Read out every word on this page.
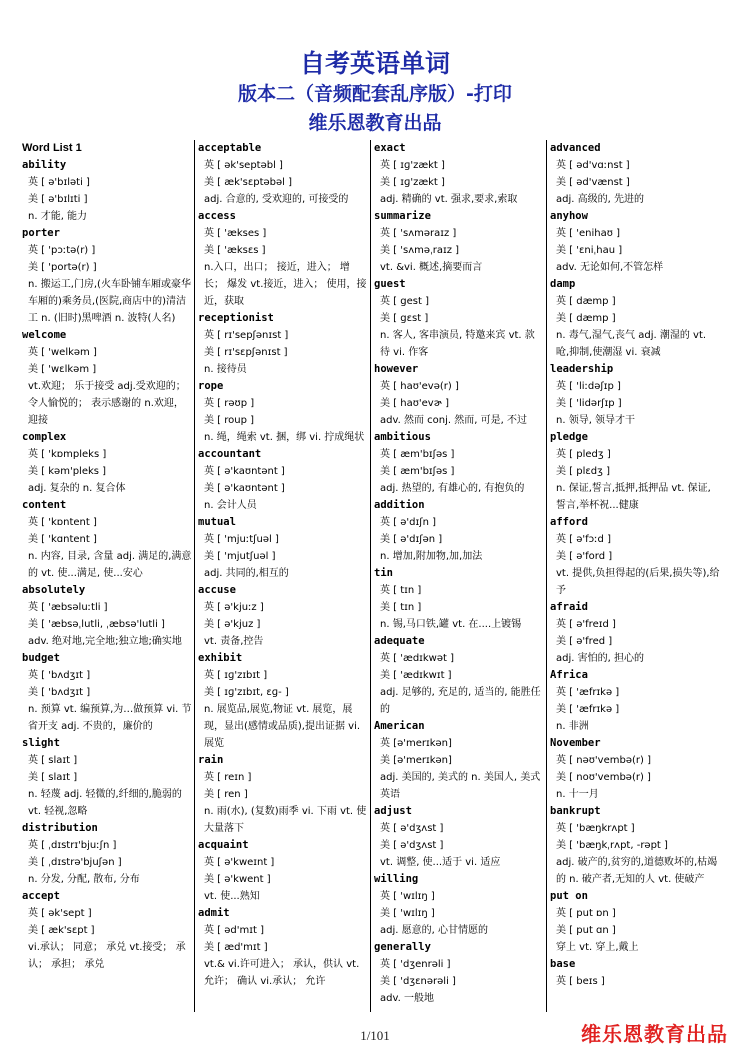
自考英语单词
版本二（音频配套乱序版）-打印
维乐恩教育出品
Word List 1
ability
英 [ ə'bɪləti ]
美 [ ə'bɪlɪti ]
n. 才能, 能力
porter
英 [ 'pɔːtə(r) ]
美 [ 'portə(r) ]
n. 搬运工,门房,(火车卧铺车厢或豪华车厢的)乘务员,(医院,商店中的)清洁工 n. (旧时)黑啤酒 n. 波特(人名)
welcome
英 [ 'welkəm ]
美 [ 'wɛlkəm ]
vt.欢迎； 乐于接受 adj.受欢迎的； 令人愉悦的； 表示感谢的 n.欢迎，迎接
complex
英 [ 'kɒmpleks ]
美 [ kəm'pleks ]
adj. 复杂的 n. 复合体
content
英 [ 'kɒntent ]
美 [ 'kɑntent ]
n. 内容, 目录, 含量 adj. 满足的,满意的 vt. 使...满足, 使...安心
absolutely
英 [ 'æbsəluːtli ]
美 [ 'æbsəˌlutli, ˌæbsə'lutli ]
adv. 绝对地,完全地;独立地;确实地
budget
英 [ 'bʌdʒɪt ]
美 [ 'bʌdʒɪt ]
n. 预算 vt. 编预算,为…做预算 vi. 节省开支 adj. 不贵的，廉价的
slight
英 [ slaɪt ]
美 [ slaɪt ]
n. 轻蔑 adj. 轻微的,纤细的,脆弱的 vt. 轻视,忽略
distribution
英 [ ˌdɪstrɪ'bjuːʃn ]
美 [ ˌdɪstrə'bjuʃən ]
n. 分发, 分配, 散布, 分布
accept
英 [ ək'sept ]
美 [ æk'sɛpt ]
vi.承认； 同意； 承兑 vt.接受； 承认； 承担； 承兑
acceptable
英 [ ək'septəbl ]
美 [ æk'sɛptəbəl ]
adj. 合意的, 受欢迎的, 可接受的
access
英 [ 'ækses ]
美 [ 'æksɛs ]
n.入口，出口； 接近，进入； 增长； 爆发 vt.接近，进入； 使用，接近，获取
receptionist
英 [ rɪ'sepʃənɪst ]
美 [ rɪ'sɛpʃənɪst ]
n. 接待员
rope
英 [ rəʊp ]
美 [ roup ]
n. 绳，绳索 vt. 捆，绑 vi. 拧成绳状
accountant
英 [ ə'kaʊntənt ]
美 [ ə'kaʊntənt ]
n. 会计人员
mutual
英 [ 'mjuːtʃuəl ]
美 [ 'mjutʃuəl ]
adj. 共同的,相互的
accuse
英 [ ə'kjuːz ]
美 [ ə'kjuz ]
vt. 责备,控告
exhibit
英 [ ɪɡ'zɪbɪt ]
美 [ ɪɡ'zɪbɪt, ɛɡ- ]
n. 展览品,展览,物证 vt. 展览，展现，显出(感情或品质),提出证据 vi. 展览
rain
英 [ reɪn ]
美 [ ren ]
n. 雨(水), (复数)雨季 vi. 下雨 vt. 使大量落下
acquaint
英 [ ə'kweɪnt ]
美 [ ə'kwent ]
vt. 使...熟知
admit
英 [ əd'mɪt ]
美 [ æd'mɪt ]
vt.& vi.许可进入； 承认，供认 vt.允许； 确认 vi.承认； 允许
exact
英 [ ɪɡ'zækt ]
美 [ ɪɡ'zækt ]
adj. 精确的 vt. 强求,要求,索取
summarize
英 [ 'sʌməraɪz ]
美 [ 'sʌməˌraɪz ]
vt. &vi. 概述,摘要而言
guest
英 [ gest ]
美 [ gɛst ]
n. 客人, 客串演员, 特邀来宾 vt. 款待 vi. 作客
however
英 [ haʊ'evə(r) ]
美 [ haʊ'evɚ ]
adv. 然而 conj. 然而, 可是, 不过
ambitious
英 [ æm'bɪʃəs ]
美 [ æm'bɪʃəs ]
adj. 热望的, 有雄心的, 有抱负的
addition
英 [ ə'dɪʃn ]
美 [ ə'dɪʃən ]
n. 增加,附加物,加,加法
tin
英 [ tɪn ]
美 [ tɪn ]
n. 锡,马口铁,罐 vt. 在....上镀锡
adequate
英 [ 'ædɪkwət ]
美 [ 'ædɪkwɪt ]
adj. 足够的, 充足的, 适当的, 能胜任的
American
英 [ə'merɪkən]
美 [ə'merɪkən]
adj. 美国的, 美式的 n. 美国人, 美式英语
adjust
英 [ ə'dʒʌst ]
美 [ ə'dʒʌst ]
vt. 调整, 使...适于 vi. 适应
willing
英 [ 'wɪlɪŋ ]
美 [ 'wɪlɪŋ ]
adj. 愿意的, 心甘情愿的
generally
英 [ 'dʒenrəli ]
美 [ 'dʒɛnərəli ]
adv. 一般地
advanced
英 [ əd'vɑːnst ]
美 [ əd'vænst ]
adj. 高级的, 先进的
anyhow
英 [ 'enihaʊ ]
美 [ 'ɛniˌhau ]
adv. 无论如何,不管怎样
damp
英 [ dæmp ]
美 [ dæmp ]
n. 毒气,湿气,丧气 adj. 潮湿的 vt. 呛,抑制,使潮湿 vi. 衰减
leadership
英 [ 'liːdəʃɪp ]
美 [ 'lidərʃɪp ]
n. 领导, 领导才干
pledge
英 [ pledʒ ]
美 [ plɛdʒ ]
n. 保证,誓言,抵押,抵押品 vt. 保证,誓言,举杯祝...健康
afford
英 [ ə'fɔːd ]
美 [ ə'ford ]
vt. 提供,负担得起的(后果,损失等),给予
afraid
英 [ ə'freɪd ]
美 [ ə'fred ]
adj. 害怕的, 担心的
Africa
英 [ 'æfrɪkə ]
美 [ 'æfrɪkə ]
n. 非洲
November
英 [ nəʊ'vembə(r) ]
美 [ noʊ'vembə(r) ]
n. 十一月
bankrupt
英 [ 'bæŋkrʌpt ]
美 [ 'bæŋkˌrʌpt, -rəpt ]
adj. 破产的,贫穷的,道德败坏的,枯竭的 n. 破产者,无知的人 vt. 使破产
put on
英 [ put ɒn ]
美 [ put ɑn ]
穿上 vt. 穿上,戴上
base
英 [ beɪs ]
1/101	维乐恩教育出品
